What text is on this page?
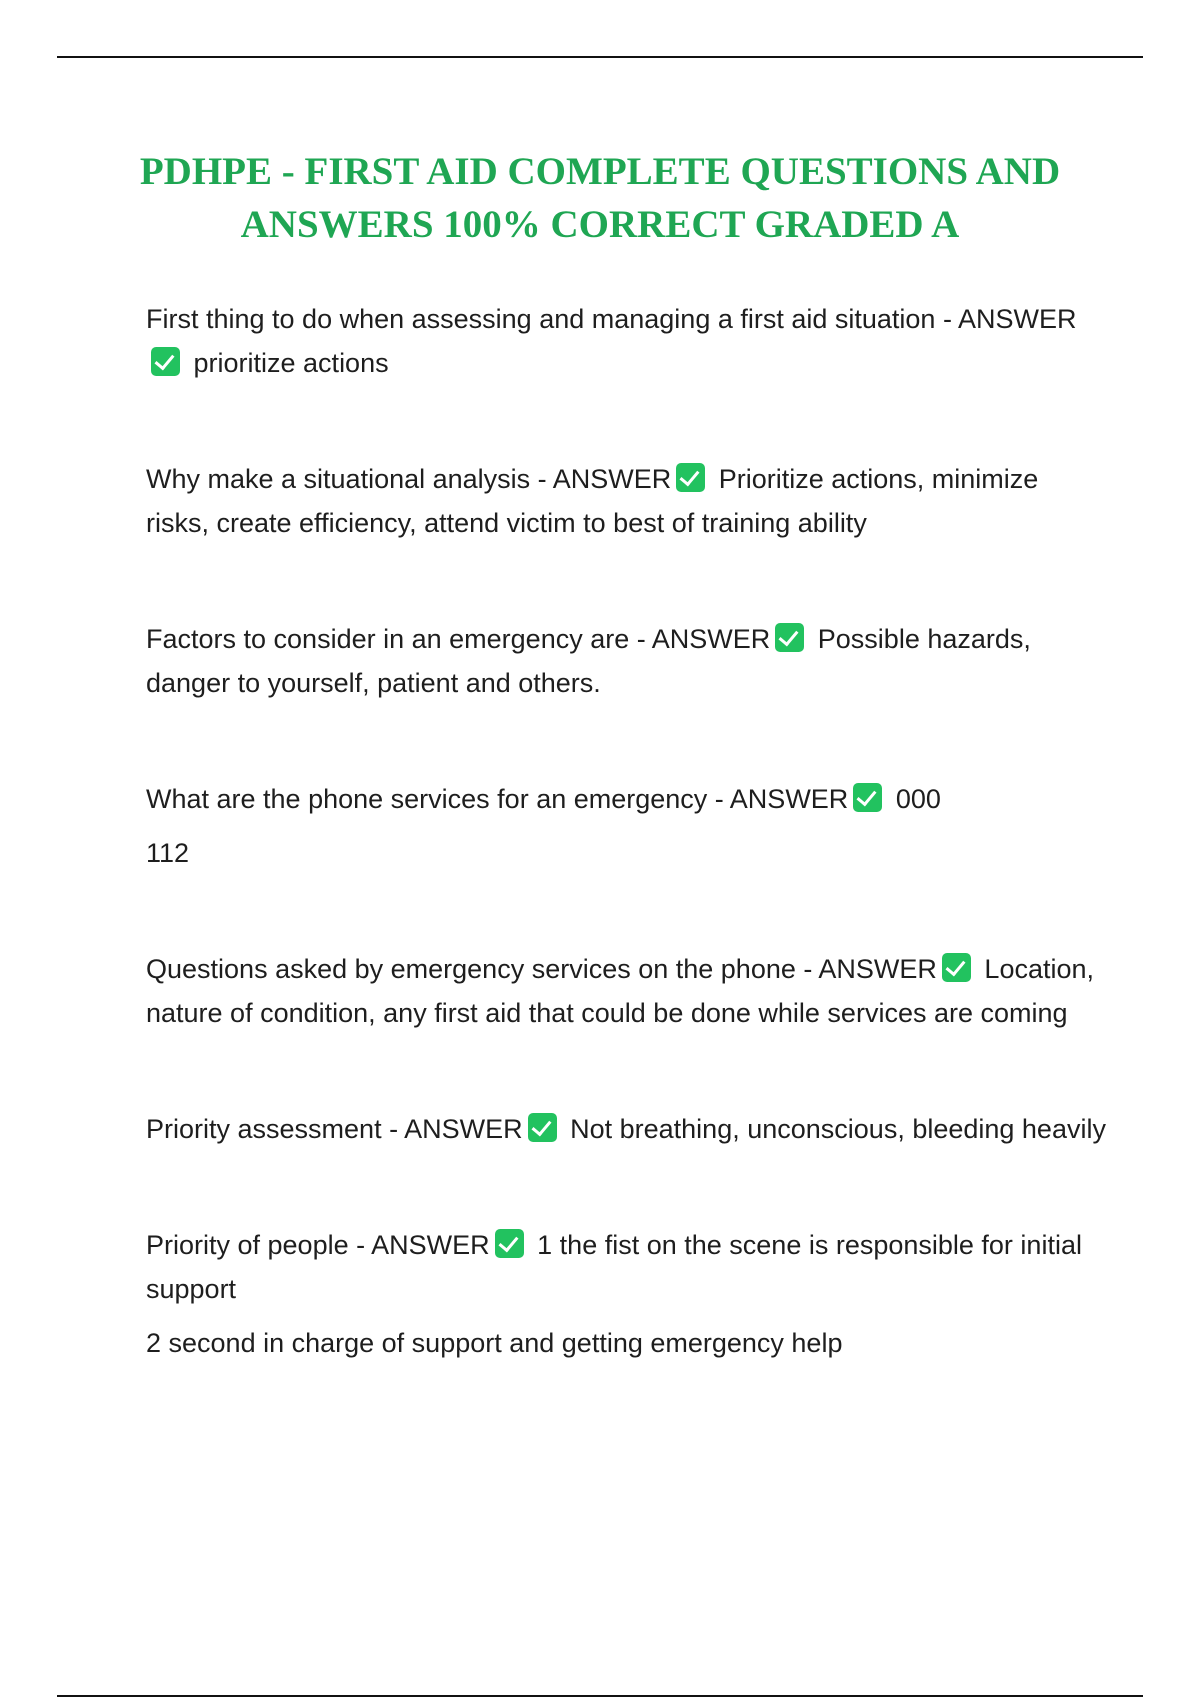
PDHPE - FIRST AID COMPLETE QUESTIONS AND ANSWERS 100% CORRECT GRADED A

First thing to do when assessing and managing a first aid situation - ANSWER prioritize actions

Why make a situational analysis - ANSWER Prioritize actions, minimize risks, create efficiency, attend victim to best of training ability

Factors to consider in an emergency are - ANSWER Possible hazards, danger to yourself, patient and others.

What are the phone services for an emergency - ANSWER 000

112

Questions asked by emergency services on the phone - ANSWER Location, nature of condition, any first aid that could be done while services are coming

Priority assessment - ANSWER Not breathing, unconscious, bleeding heavily

Priority of people - ANSWER 1 the fist on the scene is responsible for initial support

2 second in charge of support and getting emergency help
